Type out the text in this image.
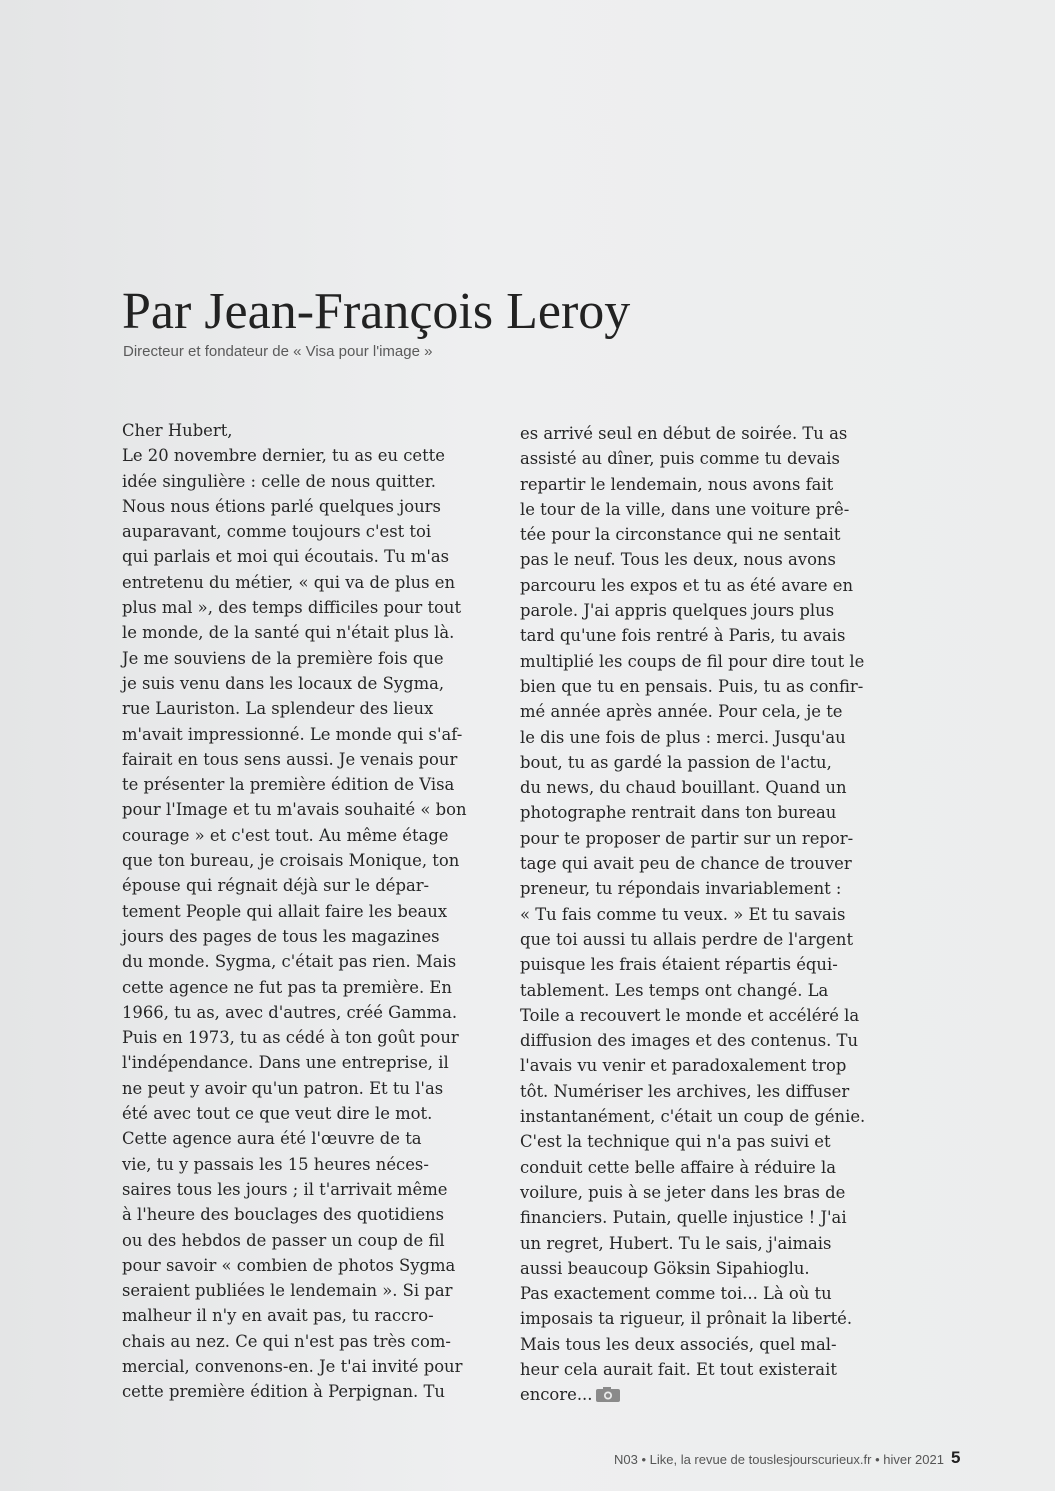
Par Jean-François Leroy
Directeur et fondateur de « Visa pour l'image »
Cher Hubert,
Le 20 novembre dernier, tu as eu cette
idée singulière : celle de nous quitter.
Nous nous étions parlé quelques jours
auparavant, comme toujours c'est toi
qui parlais et moi qui écoutais. Tu m'as
entretenu du métier, « qui va de plus en
plus mal », des temps difficiles pour tout
le monde, de la santé qui n'était plus là.
Je me souviens de la première fois que
je suis venu dans les locaux de Sygma,
rue Lauriston. La splendeur des lieux
m'avait impressionné. Le monde qui s'af-
fairait en tous sens aussi. Je venais pour
te présenter la première édition de Visa
pour l'Image et tu m'avais souhaité « bon
courage » et c'est tout. Au même étage
que ton bureau, je croisais Monique, ton
épouse qui régnait déjà sur le dépar-
tement People qui allait faire les beaux
jours des pages de tous les magazines
du monde. Sygma, c'était pas rien. Mais
cette agence ne fut pas ta première. En
1966, tu as, avec d'autres, créé Gamma.
Puis en 1973, tu as cédé à ton goût pour
l'indépendance. Dans une entreprise, il
ne peut y avoir qu'un patron. Et tu l'as
été avec tout ce que veut dire le mot.
Cette agence aura été l'œuvre de ta
vie, tu y passais les 15 heures néces-
saires tous les jours ; il t'arrivait même
à l'heure des bouclages des quotidiens
ou des hebdos de passer un coup de fil
pour savoir « combien de photos Sygma
seraient publiées le lendemain ». Si par
malheur il n'y en avait pas, tu raccro-
chais au nez. Ce qui n'est pas très com-
mercial, convenons-en. Je t'ai invité pour
cette première édition à Perpignan. Tu
es arrivé seul en début de soirée. Tu as
assisté au dîner, puis comme tu devais
repartir le lendemain, nous avons fait
le tour de la ville, dans une voiture prê-
tée pour la circonstance qui ne sentait
pas le neuf. Tous les deux, nous avons
parcouru les expos et tu as été avare en
parole. J'ai appris quelques jours plus
tard qu'une fois rentré à Paris, tu avais
multiplié les coups de fil pour dire tout le
bien que tu en pensais. Puis, tu as confir-
mé année après année. Pour cela, je te
le dis une fois de plus : merci. Jusqu'au
bout, tu as gardé la passion de l'actu,
du news, du chaud bouillant. Quand un
photographe rentrait dans ton bureau
pour te proposer de partir sur un repor-
tage qui avait peu de chance de trouver
preneur, tu répondais invariablement :
« Tu fais comme tu veux. » Et tu savais
que toi aussi tu allais perdre de l'argent
puisque les frais étaient répartis équi-
tablement. Les temps ont changé. La
Toile a recouvert le monde et accéléré la
diffusion des images et des contenus. Tu
l'avais vu venir et paradoxalement trop
tôt. Numériser les archives, les diffuser
instantanément, c'était un coup de génie.
C'est la technique qui n'a pas suivi et
conduit cette belle affaire à réduire la
voilure, puis à se jeter dans les bras de
financiers. Putain, quelle injustice ! J'ai
un regret, Hubert. Tu le sais, j'aimais
aussi beaucoup Göksin Sipahioglu.
Pas exactement comme toi... Là où tu
imposais ta rigueur, il prônait la liberté.
Mais tous les deux associés, quel mal-
heur cela aurait fait. Et tout existerait
encore...
N03 • Like, la revue de touslesjourscurieux.fr • hiver 2021 5
